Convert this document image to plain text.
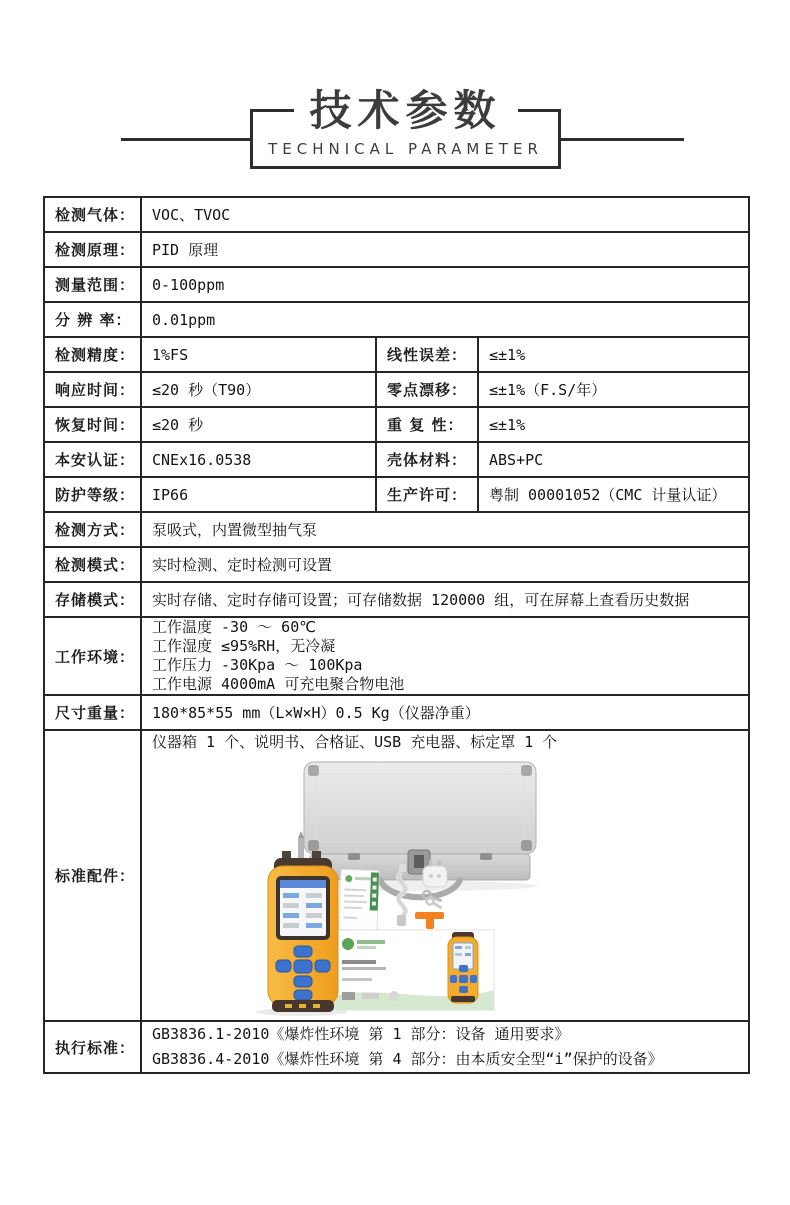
技术参数
TECHNICAL PARAMETER
检测气体：	VOC、TVOC		
检测原理：	PID 原理		
测量范围：	0-100ppm		
分 辨 率：	0.01ppm		
检测精度：	1%FS	线性误差：	≤±1%
响应时间：	≤20 秒（T90）	零点漂移：	≤±1%（F.S/年）
恢复时间：	≤20 秒	重 复 性：	≤±1%
本安认证：	CNEx16.0538	壳体材料：	ABS+PC
防护等级：	IP66	生产许可：	粤制 00001052（CMC 计量认证）
检测方式：	泵吸式，内置微型抽气泵		
检测模式：	实时检测、定时检测可设置		
存储模式：	实时存储、定时存储可设置；可存储数据 120000 组，可在屏幕上查看历史数据		
工作环境：	工作温度 -30 ～ 60℃
工作湿度 ≤95%RH，无冷凝
工作压力 -30Kpa ～ 100Kpa
工作电源 4000mA 可充电聚合物电池		

尺寸重量：	180*85*55 mm（L×W×H）0.5 Kg（仪器净重）		
标准配件：	仪器箱 1 个、说明书、合格证、USB 充电器、标定罩 1 个		

执行标准：	GB3836.1-2010《爆炸性环境 第 1 部分：设备 通用要求》
GB3836.4-2010《爆炸性环境 第 4 部分：由本质安全型“i”保护的设备》		
